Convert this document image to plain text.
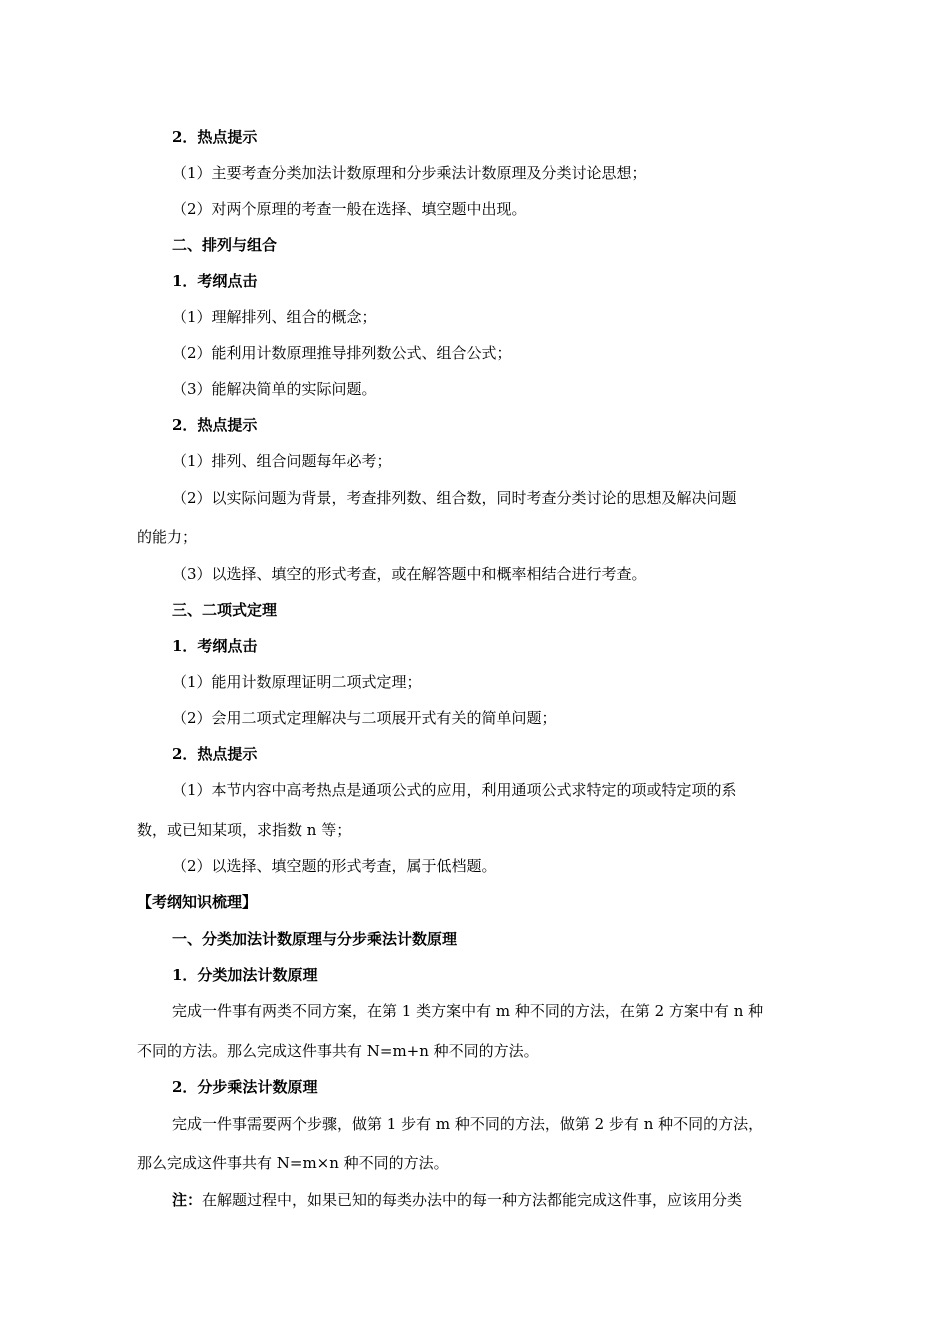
2．热点提示
（1）主要考查分类加法计数原理和分步乘法计数原理及分类讨论思想；
（2）对两个原理的考查一般在选择、填空题中出现。
二、排列与组合
1．考纲点击
（1）理解排列、组合的概念；
（2）能利用计数原理推导排列数公式、组合公式；
（3）能解决简单的实际问题。
2．热点提示
（1）排列、组合问题每年必考；
（2）以实际问题为背景，考查排列数、组合数，同时考查分类讨论的思想及解决问题
的能力；
（3）以选择、填空的形式考查，或在解答题中和概率相结合进行考查。
三、二项式定理
1．考纲点击
（1）能用计数原理证明二项式定理；
（2）会用二项式定理解决与二项展开式有关的简单问题；
2．热点提示
（1）本节内容中高考热点是通项公式的应用，利用通项公式求特定的项或特定项的系
数，或已知某项，求指数 n 等；
（2）以选择、填空题的形式考查，属于低档题。
【考纲知识梳理】
一、分类加法计数原理与分步乘法计数原理
1．分类加法计数原理
完成一件事有两类不同方案，在第 1 类方案中有 m 种不同的方法，在第 2 方案中有 n 种
不同的方法。那么完成这件事共有 N=m+n 种不同的方法。
2．分步乘法计数原理
完成一件事需要两个步骤，做第 1 步有 m 种不同的方法，做第 2 步有 n 种不同的方法，
那么完成这件事共有 N=m×n 种不同的方法。
注：在解题过程中，如果已知的每类办法中的每一种方法都能完成这件事，应该用分类
